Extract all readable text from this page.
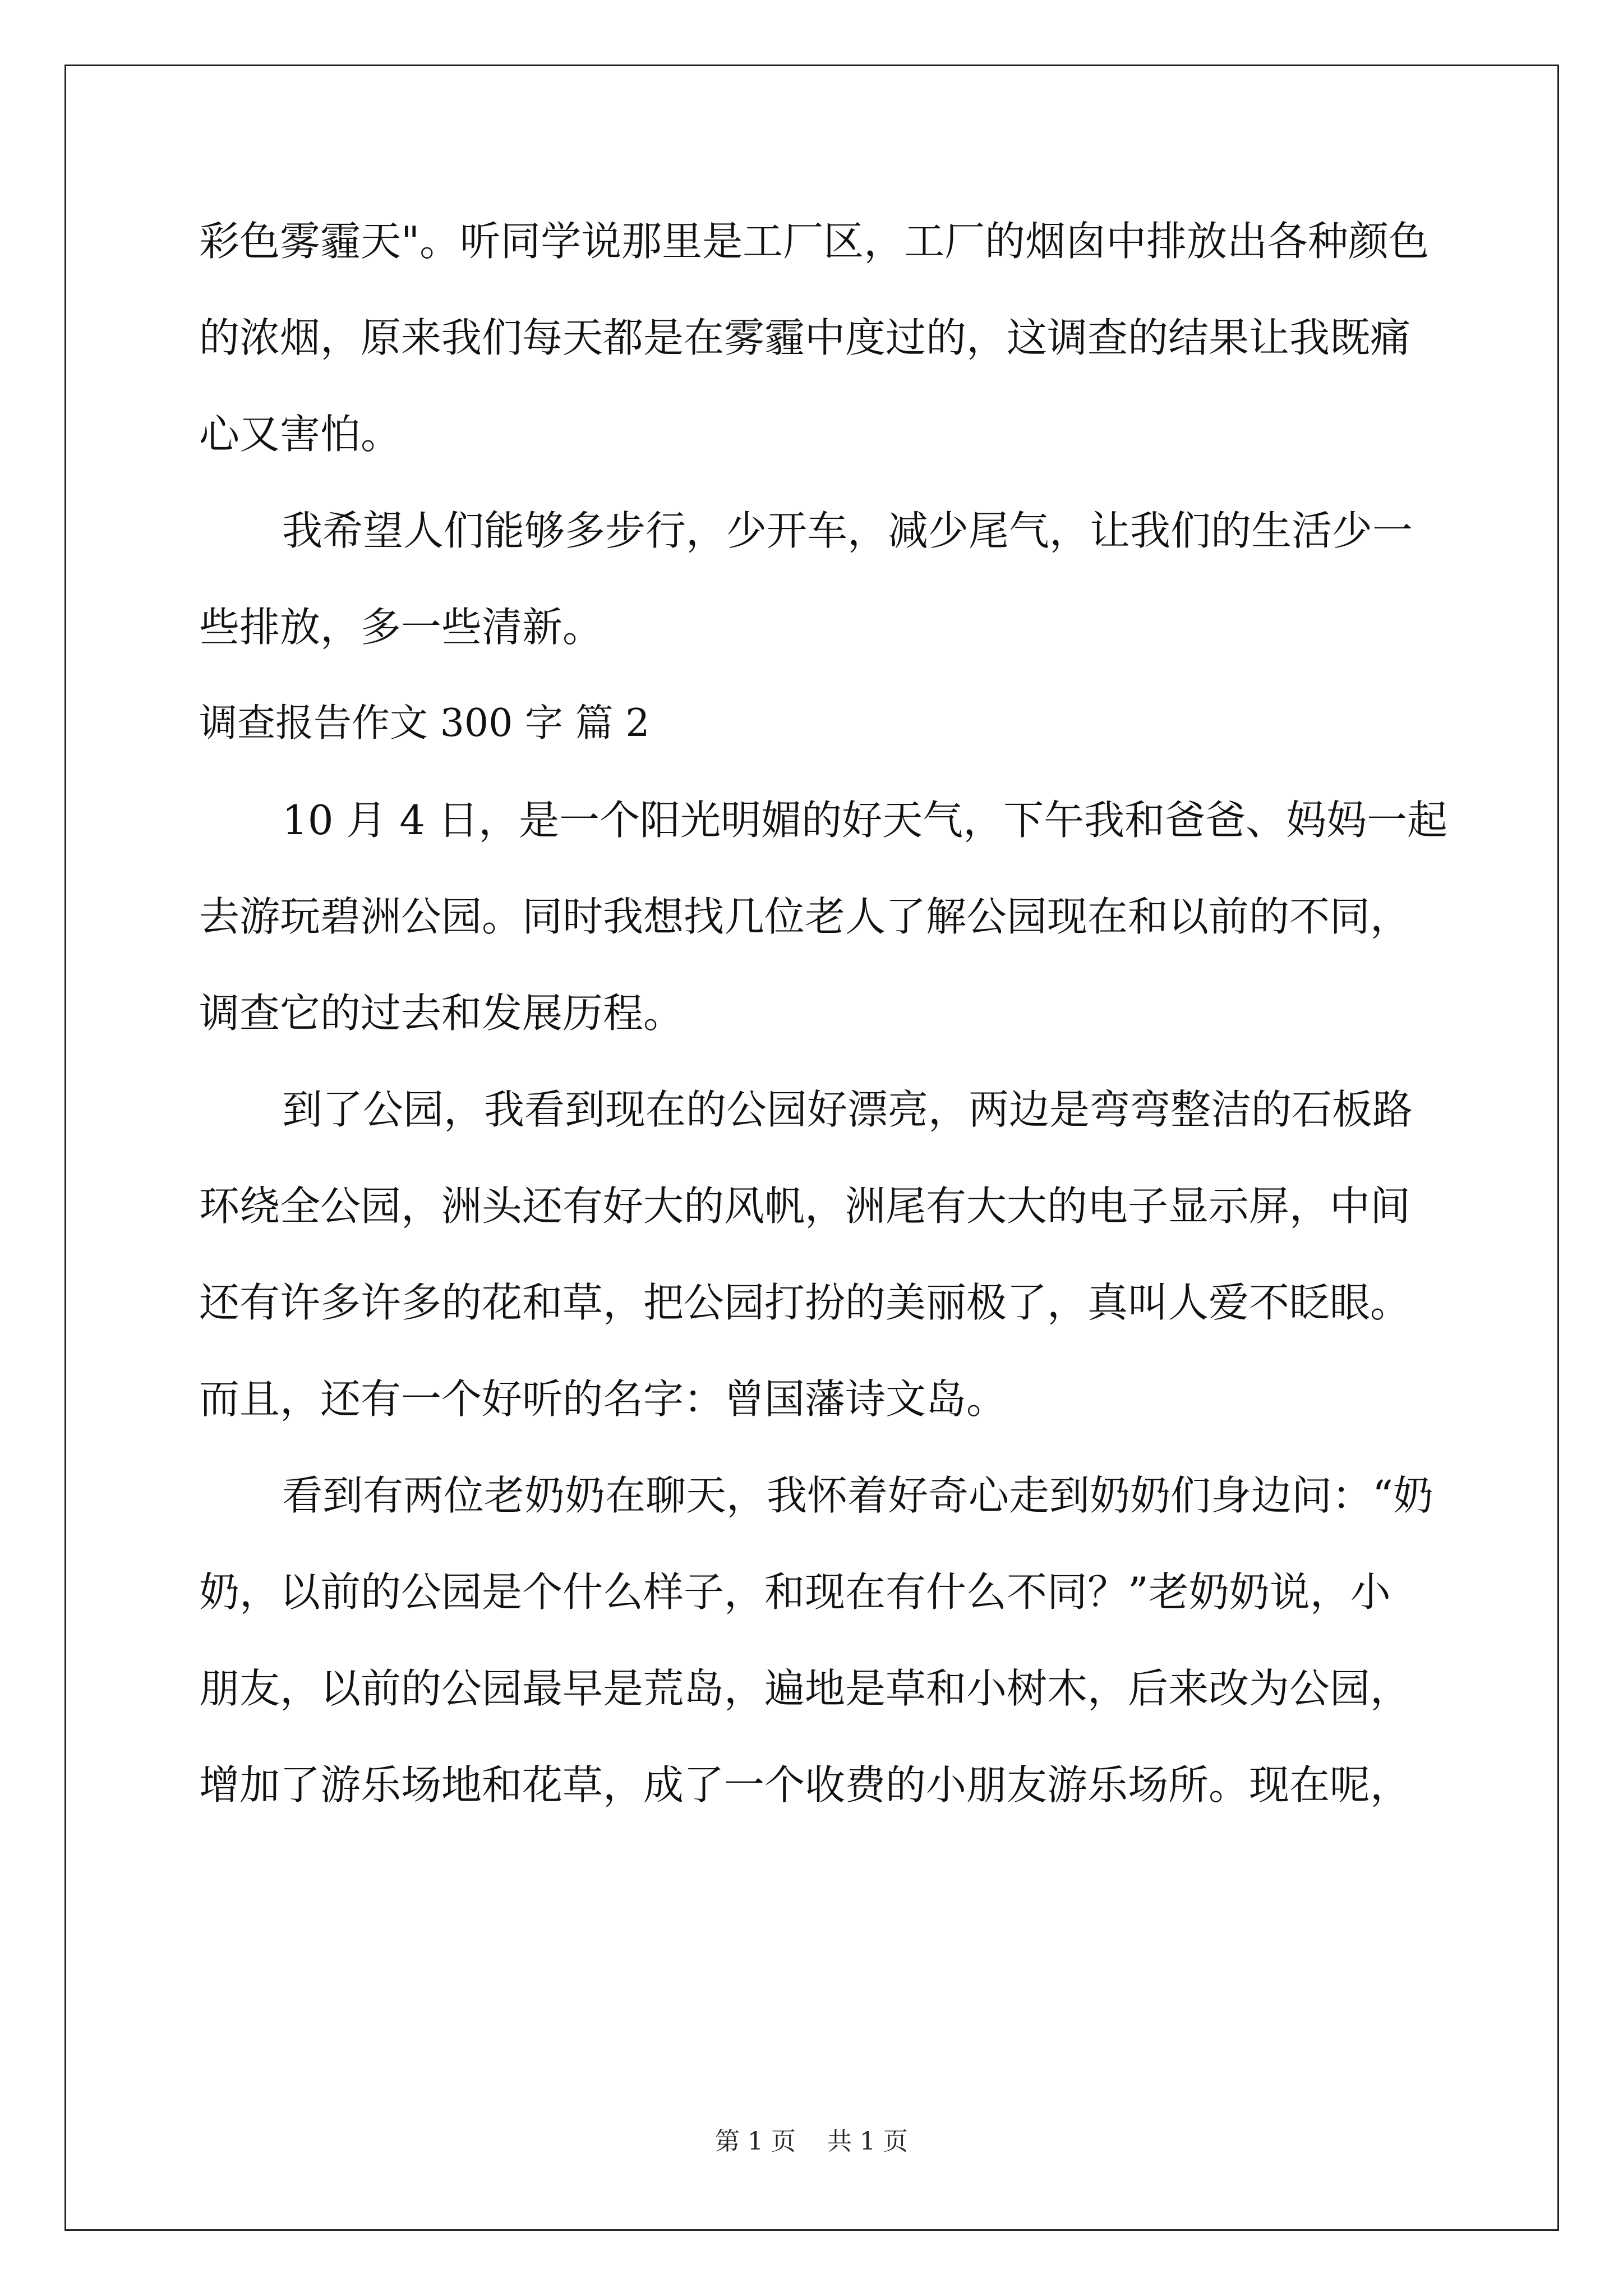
彩色雾霾天"。听同学说那里是工厂区，工厂的烟囱中排放出各种颜色
的浓烟，原来我们每天都是在雾霾中度过的，这调查的结果让我既痛
心又害怕。
我希望人们能够多步行，少开车，减少尾气，让我们的生活少一
些排放，多一些清新。
调查报告作文 300 字 篇 2
10 月 4 日，是一个阳光明媚的好天气，下午我和爸爸、妈妈一起
去游玩碧洲公园。同时我想找几位老人了解公园现在和以前的不同，
调查它的过去和发展历程。
到了公园，我看到现在的公园好漂亮，两边是弯弯整洁的石板路
环绕全公园，洲头还有好大的风帆，洲尾有大大的电子显示屏，中间
还有许多许多的花和草，把公园打扮的美丽极了，真叫人爱不眨眼。
而且，还有一个好听的名字：曾国藩诗文岛。
看到有两位老奶奶在聊天，我怀着好奇心走到奶奶们身边问：“奶
奶，以前的公园是个什么样子，和现在有什么不同？”老奶奶说，小
朋友，以前的公园最早是荒岛，遍地是草和小树木，后来改为公园，
增加了游乐场地和花草，成了一个收费的小朋友游乐场所。现在呢，
第 1 页    共 1 页
